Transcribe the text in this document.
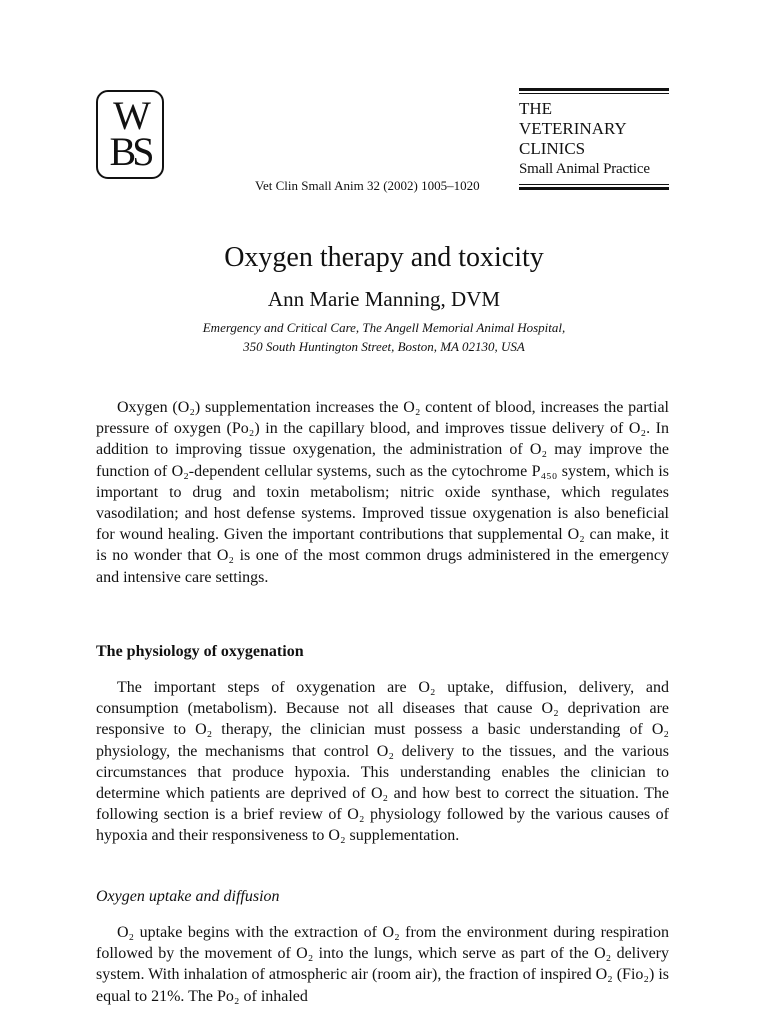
W
BS
THE
VETERINARY
CLINICS
Small Animal Practice
Vet Clin Small Anim 32 (2002) 1005–1020
Oxygen therapy and toxicity
Ann Marie Manning, DVM
Emergency and Critical Care, The Angell Memorial Animal Hospital,
350 South Huntington Street, Boston, MA 02130, USA

Oxygen (O₂) supplementation increases the O₂ content of blood, increases the partial pressure of oxygen (Po₂) in the capillary blood, and improves tissue delivery of O₂. In addition to improving tissue oxygenation, the administration of O₂ may improve the function of O₂-dependent cellular systems, such as the cytochrome P₄₅₀ system, which is important to drug and toxin metabolism; nitric oxide synthase, which regulates vasodilation; and host defense systems. Improved tissue oxygenation is also beneficial for wound healing. Given the important contributions that supplemental O₂ can make, it is no wonder that O₂ is one of the most common drugs administered in the emergency and intensive care settings.

The physiology of oxygenation

The important steps of oxygenation are O₂ uptake, diffusion, delivery, and consumption (metabolism). Because not all diseases that cause O₂ deprivation are responsive to O₂ therapy, the clinician must possess a basic understanding of O₂ physiology, the mechanisms that control O₂ delivery to the tissues, and the various circumstances that produce hypoxia. This understanding enables the clinician to determine which patients are deprived of O₂ and how best to correct the situation. The following section is a brief review of O₂ physiology followed by the various causes of hypoxia and their responsiveness to O₂ supplementation.

Oxygen uptake and diffusion

O₂ uptake begins with the extraction of O₂ from the environment during respiration followed by the movement of O₂ into the lungs, which serve as part of the O₂ delivery system. With inhalation of atmospheric air (room air), the fraction of inspired O₂ (Fio₂) is equal to 21%. The Po₂ of inhaled
